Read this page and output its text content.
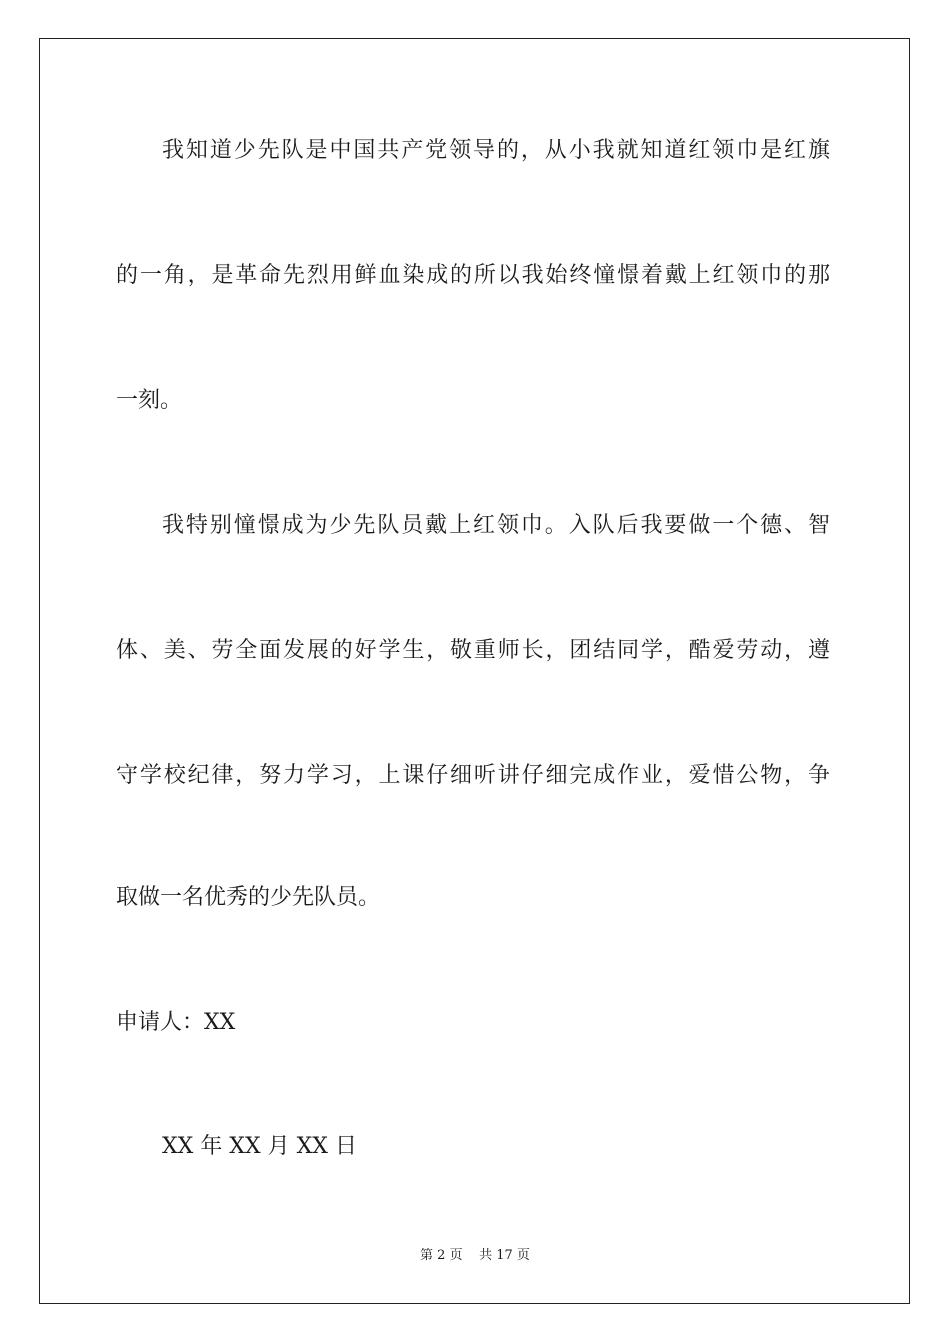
我知道少先队是中国共产党领导的，从小我就知道红领巾是红旗
的一角，是革命先烈用鲜血染成的所以我始终憧憬着戴上红领巾的那
一刻。
我特别憧憬成为少先队员戴上红领巾。入队后我要做一个德、智
体、美、劳全面发展的好学生，敬重师长，团结同学，酷爱劳动，遵
守学校纪律，努力学习，上课仔细听讲仔细完成作业，爱惜公物，争
取做一名优秀的少先队员。
申请人：XX
XX 年 XX 月 XX 日
第 2 页 共 17 页
